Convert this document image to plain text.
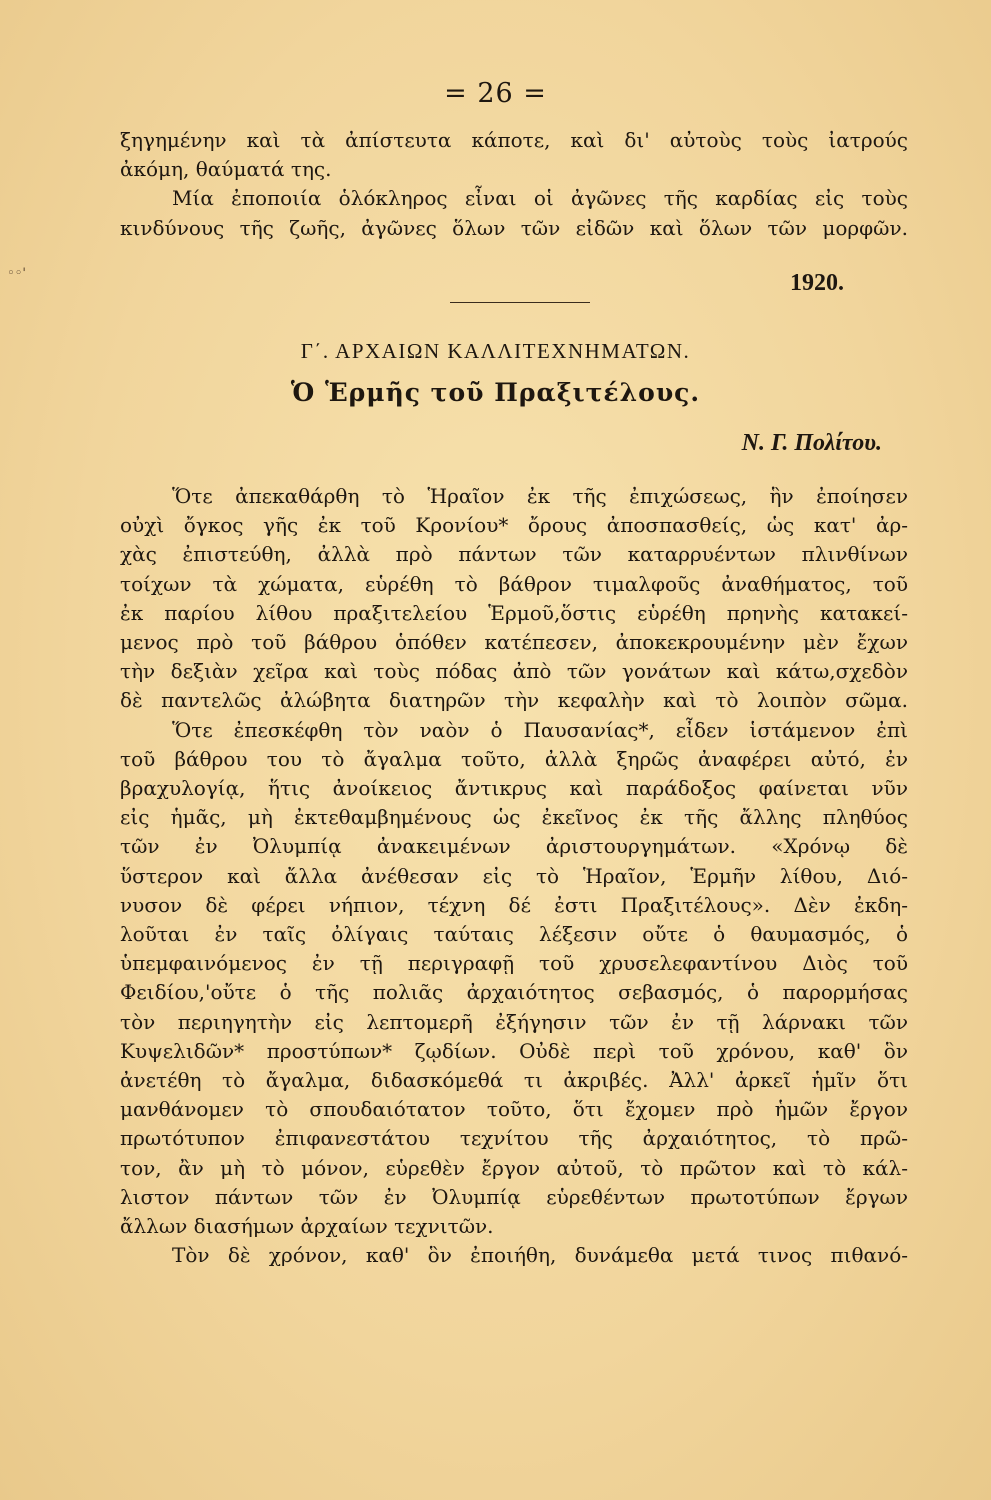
◦◦'
= 26 =
ξηγημένην καὶ τὰ ἀπίστευτα κάποτε, καὶ δι' αὐτοὺς τοὺς ἰατρούς
ἀκόμη, θαύματά της.
Μία ἐποποιία ὁλόκληρος εἶναι οἱ ἀγῶνες τῆς καρδίας εἰς τοὺς
κινδύνους τῆς ζωῆς, ἀγῶνες ὅλων τῶν εἰδῶν καὶ ὅλων τῶν μορφῶν.
1920.
Γ΄. ΑΡΧΑΙΩΝ ΚΑΛΛΙΤΕΧΝΗΜΑΤΩΝ.
Ὁ Ἑρμῆς τοῦ Πραξιτέλους.
Ν. Γ. Πολίτου.
Ὅτε ἀπεκαθάρθη τὸ Ἡραῖον ἐκ τῆς ἐπιχώσεως, ἣν ἐποίησεν
οὐχὶ ὄγκος γῆς ἐκ τοῦ Κρονίου* ὄρους ἀποσπασθείς, ὡς κατ' ἀρ-
χὰς ἐπιστεύθη, ἀλλὰ πρὸ πάντων τῶν καταρρυέντων πλινθίνων
τοίχων τὰ χώματα, εὑρέθη τὸ βάθρον τιμαλφοῦς ἀναθήματος, τοῦ
ἐκ παρίου λίθου πραξιτελείου Ἑρμοῦ,ὅστις εὑρέθη πρηνὴς κατακεί-
μενος πρὸ τοῦ βάθρου ὁπόθεν κατέπεσεν, ἀποκεκρουμένην μὲν ἔχων
τὴν δεξιὰν χεῖρα καὶ τοὺς πόδας ἀπὸ τῶν γονάτων καὶ κάτω,σχεδὸν
δὲ παντελῶς ἀλώβητα διατηρῶν τὴν κεφαλὴν καὶ τὸ λοιπὸν σῶμα.
Ὅτε ἐπεσκέφθη τὸν ναὸν ὁ Παυσανίας*, εἶδεν ἱστάμενον ἐπὶ
τοῦ βάθρου του τὸ ἄγαλμα τοῦτο, ἀλλὰ ξηρῶς ἀναφέρει αὐτό, ἐν
βραχυλογίᾳ, ἥτις ἀνοίκειος ἄντικρυς καὶ παράδοξος φαίνεται νῦν
εἰς ἡμᾶς, μὴ ἐκτεθαμβημένους ὡς ἐκεῖνος ἐκ τῆς ἄλλης πληθύος
τῶν ἐν Ὀλυμπίᾳ ἀνακειμένων ἀριστουργημάτων. «Χρόνῳ δὲ
ὕστερον καὶ ἄλλα ἀνέθεσαν εἰς τὸ Ἡραῖον, Ἑρμῆν λίθου, Διό-
νυσον δὲ φέρει νήπιον, τέχνη δέ ἐστι Πραξιτέλους». Δὲν ἐκδη-
λοῦται ἐν ταῖς ὀλίγαις ταύταις λέξεσιν οὔτε ὁ θαυμασμός, ὁ
ὑπεμφαινόμενος ἐν τῇ περιγραφῇ τοῦ χρυσελεφαντίνου Διὸς τοῦ
Φειδίου,'οὔτε ὁ τῆς πολιᾶς ἀρχαιότητος σεβασμός, ὁ παρορμήσας
τὸν περιηγητὴν εἰς λεπτομερῆ ἐξήγησιν τῶν ἐν τῇ λάρνακι τῶν
Κυψελιδῶν* προστύπων* ζῳδίων. Οὐδὲ περὶ τοῦ χρόνου, καθ' ὃν
ἀνετέθη τὸ ἄγαλμα, διδασκόμεθά τι ἀκριβές. Ἀλλ' ἀρκεῖ ἡμῖν ὅτι
μανθάνομεν τὸ σπουδαιότατον τοῦτο, ὅτι ἔχομεν πρὸ ἡμῶν ἔργον
πρωτότυπον ἐπιφανεστάτου τεχνίτου τῆς ἀρχαιότητος, τὸ πρῶ-
τον, ἂν μὴ τὸ μόνον, εὑρεθὲν ἔργον αὐτοῦ, τὸ πρῶτον καὶ τὸ κάλ-
λιστον πάντων τῶν ἐν Ὀλυμπίᾳ εὑρεθέντων πρωτοτύπων ἔργων
ἄλλων διασήμων ἀρχαίων τεχνιτῶν.
Τὸν δὲ χρόνον, καθ' ὃν ἐποιήθη, δυνάμεθα μετά τινος πιθανό-
